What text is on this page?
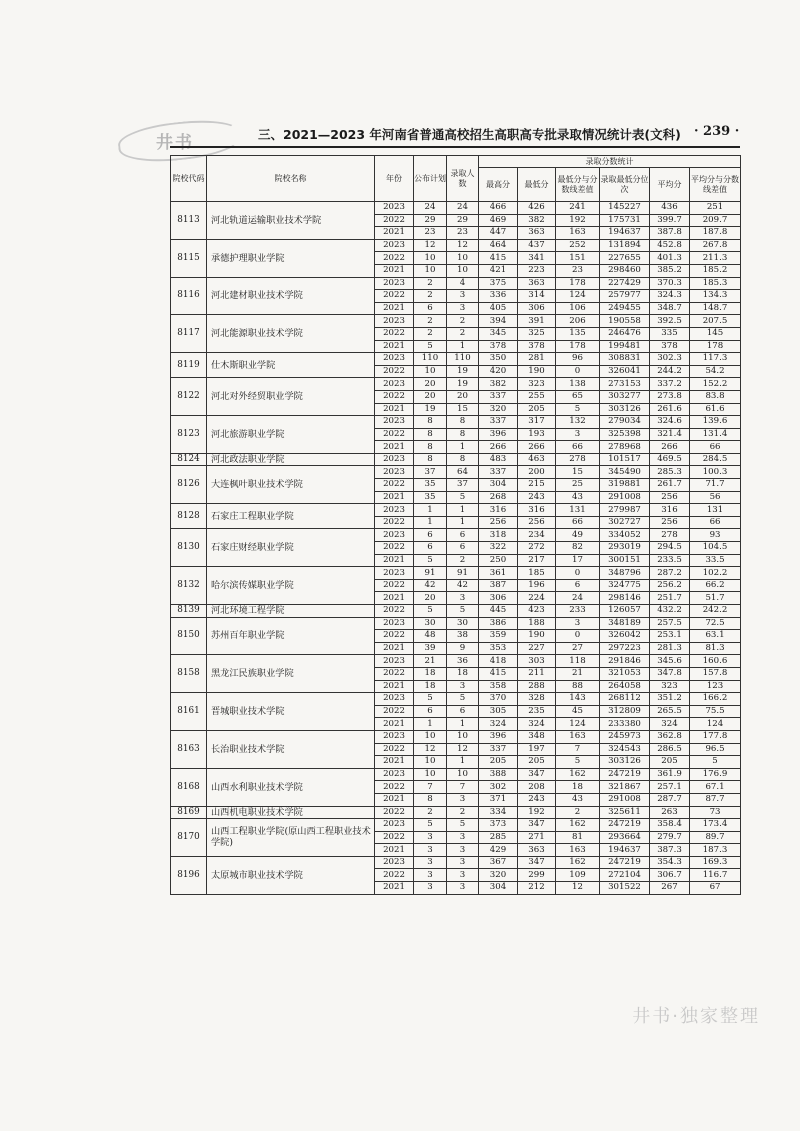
井书	三、2021—2023 年河南省普通高校招生高职高专批录取情况统计表(文科) · 239 ·
院校代码	院校名称	年份	公布计划	录取人数	录取分数统计					
					最高分	最低分	最低分与分数线差值	录取最低分位次	平均分	平均分与分数线差值
8113	河北轨道运输职业技术学院	2023	24	24	466	426	241	145227	436	251
		2022	29	29	469	382	192	175731	399.7	209.7
		2021	23	23	447	363	163	194637	387.8	187.8
8115	承德护理职业学院	2023	12	12	464	437	252	131894	452.8	267.8
		2022	10	10	415	341	151	227655	401.3	211.3
		2021	10	10	421	223	23	298460	385.2	185.2
8116	河北建材职业技术学院	2023	2	4	375	363	178	227429	370.3	185.3
		2022	2	3	336	314	124	257977	324.3	134.3
		2021	6	3	405	306	106	249455	348.7	148.7
8117	河北能源职业技术学院	2023	2	2	394	391	206	190558	392.5	207.5
		2022	2	2	345	325	135	246476	335	145
		2021	5	1	378	378	178	199481	378	178
8119	仕木斯职业学院	2023	110	110	350	281	96	308831	302.3	117.3
		2022	10	19	420	190	0	326041	244.2	54.2
8122	河北对外经贸职业学院	2023	20	19	382	323	138	273153	337.2	152.2
		2022	20	20	337	255	65	303277	273.8	83.8
		2021	19	15	320	205	5	303126	261.6	61.6
8123	河北旅游职业学院	2023	8	8	337	317	132	279034	324.6	139.6
		2022	8	8	396	193	3	325398	321.4	131.4
		2021	8	1	266	266	66	278968	266	66
8124	河北政法职业学院	2023	8	8	483	463	278	101517	469.5	284.5
8126	大连枫叶职业技术学院	2023	37	64	337	200	15	345490	285.3	100.3
		2022	35	37	304	215	25	319881	261.7	71.7
		2021	35	5	268	243	43	291008	256	56
8128	石家庄工程职业学院	2023	1	1	316	316	131	279987	316	131
		2022	1	1	256	256	66	302727	256	66
8130	石家庄财经职业学院	2023	6	6	318	234	49	334052	278	93
		2022	6	6	322	272	82	293019	294.5	104.5
		2021	5	2	250	217	17	300151	233.5	33.5
8132	哈尔滨传媒职业学院	2023	91	91	361	185	0	348796	287.2	102.2
		2022	42	42	387	196	6	324775	256.2	66.2
		2021	20	3	306	224	24	298146	251.7	51.7
8139	河北环境工程学院	2022	5	5	445	423	233	126057	432.2	242.2
8150	苏州百年职业学院	2023	30	30	386	188	3	348189	257.5	72.5
		2022	48	38	359	190	0	326042	253.1	63.1
		2021	39	9	353	227	27	297223	281.3	81.3
8158	黑龙江民族职业学院	2023	21	36	418	303	118	291846	345.6	160.6
		2022	18	18	415	211	21	321053	347.8	157.8
		2021	18	3	358	288	88	264058	323	123
8161	晋城职业技术学院	2023	5	5	370	328	143	268112	351.2	166.2
		2022	6	6	305	235	45	312809	265.5	75.5
		2021	1	1	324	324	124	233380	324	124
8163	长治职业技术学院	2023	10	10	396	348	163	245973	362.8	177.8
		2022	12	12	337	197	7	324543	286.5	96.5
		2021	10	1	205	205	5	303126	205	5
8168	山西水利职业技术学院	2023	10	10	388	347	162	247219	361.9	176.9
		2022	7	7	302	208	18	321867	257.1	67.1
		2021	8	3	371	243	43	291008	287.7	87.7
8169	山西机电职业技术学院	2022	2	2	334	192	2	325611	263	73
8170	山西工程职业学院(原山西工程职业技术学院)	2023	5	5	373	347	162	247219	358.4	173.4
		2022	3	3	285	271	81	293664	279.7	89.7
		2021	3	3	429	363	163	194637	387.3	187.3
8196	太原城市职业技术学院	2023	3	3	367	347	162	247219	354.3	169.3
		2022	3	3	320	299	109	272104	306.7	116.7
		2021	3	3	304	212	12	301522	267	67
井书·独家整理
